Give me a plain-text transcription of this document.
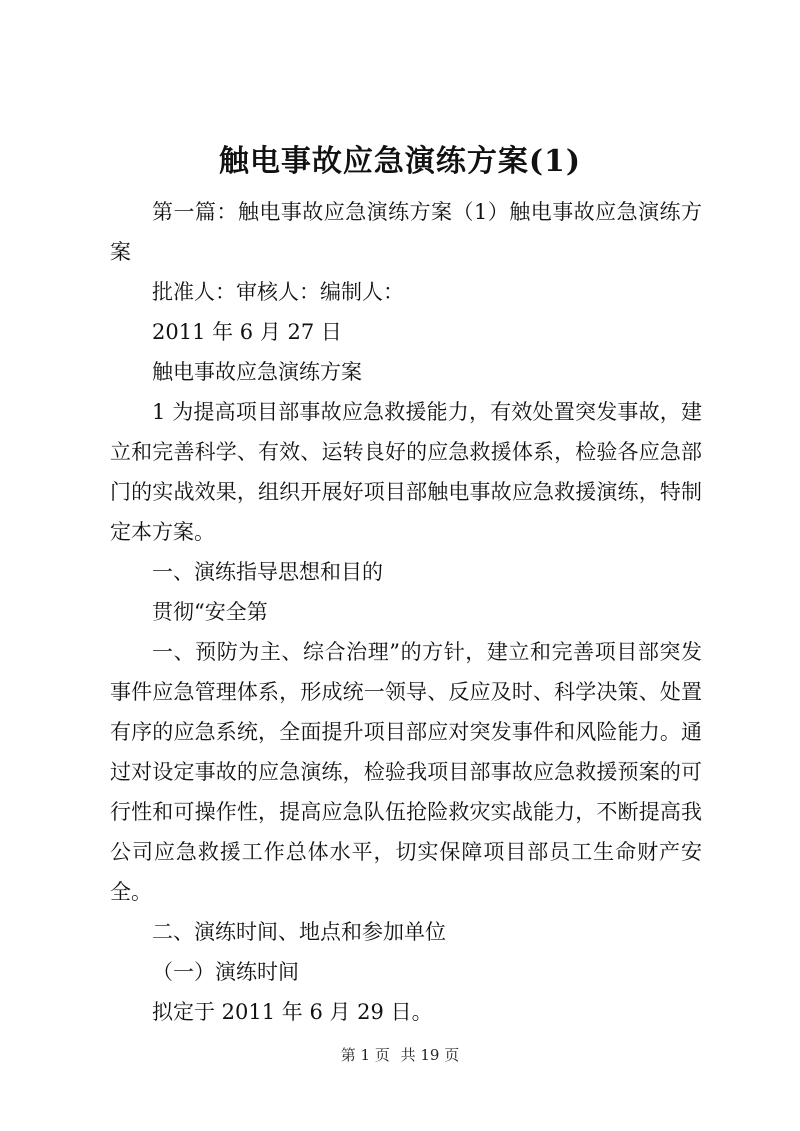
触电事故应急演练方案(1)

第一篇：触电事故应急演练方案（1）触电事故应急演练方案

批准人：审核人：编制人：

2011 年 6 月 27 日

触电事故应急演练方案

1 为提高项目部事故应急救援能力，有效处置突发事故，建立和完善科学、有效、运转良好的应急救援体系，检验各应急部门的实战效果，组织开展好项目部触电事故应急救援演练，特制定本方案。

一、演练指导思想和目的

贯彻“安全第

一、预防为主、综合治理”的方针，建立和完善项目部突发事件应急管理体系，形成统一领导、反应及时、科学决策、处置有序的应急系统，全面提升项目部应对突发事件和风险能力。通过对设定事故的应急演练，检验我项目部事故应急救援预案的可行性和可操作性，提高应急队伍抢险救灾实战能力，不断提高我公司应急救援工作总体水平，切实保障项目部员工生命财产安全。

二、演练时间、地点和参加单位

（一）演练时间

拟定于 2011 年 6 月 29 日。

第 1 页 共 19 页
